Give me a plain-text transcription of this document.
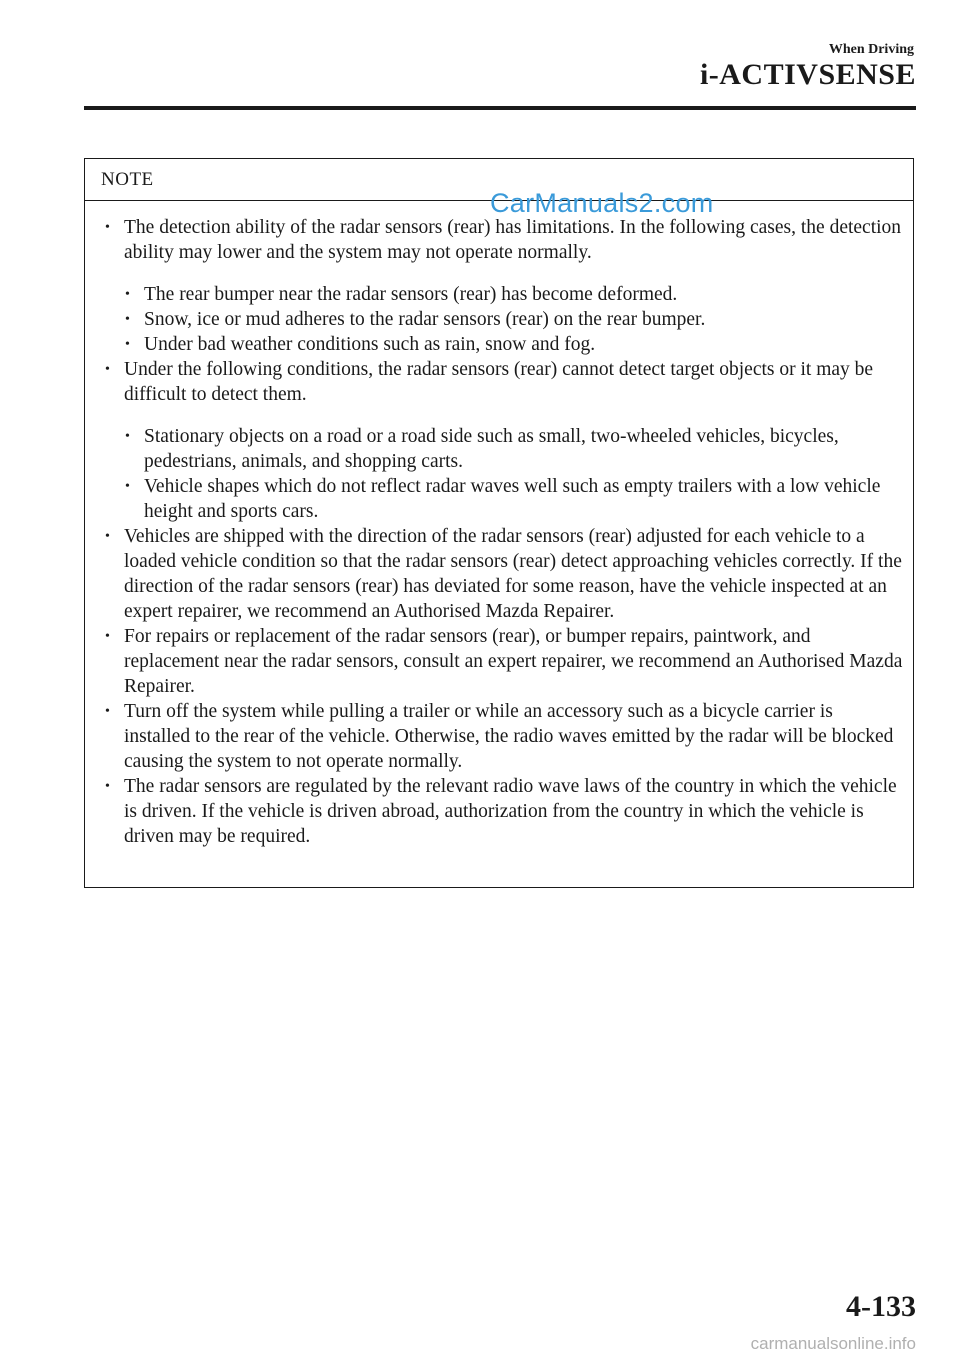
When Driving
i-ACTIVSENSE
NOTE

• The detection ability of the radar sensors (rear) has limitations. In the following cases, the detection ability may lower and the system may not operate normally.

• The rear bumper near the radar sensors (rear) has become deformed.

• Snow, ice or mud adheres to the radar sensors (rear) on the rear bumper.

• Under bad weather conditions such as rain, snow and fog.

• Under the following conditions, the radar sensors (rear) cannot detect target objects or it may be difficult to detect them.

• Stationary objects on a road or a road side such as small, two-wheeled vehicles, bicycles, pedestrians, animals, and shopping carts.

• Vehicle shapes which do not reflect radar waves well such as empty trailers with a low vehicle height and sports cars.

• Vehicles are shipped with the direction of the radar sensors (rear) adjusted for each vehicle to a loaded vehicle condition so that the radar sensors (rear) detect approaching vehicles correctly. If the direction of the radar sensors (rear) has deviated for some reason, have the vehicle inspected at an expert repairer, we recommend an Authorised Mazda Repairer.

• For repairs or replacement of the radar sensors (rear), or bumper repairs, paintwork, and replacement near the radar sensors, consult an expert repairer, we recommend an Authorised Mazda Repairer.

• Turn off the system while pulling a trailer or while an accessory such as a bicycle carrier is installed to the rear of the vehicle. Otherwise, the radio waves emitted by the radar will be blocked causing the system to not operate normally.

• The radar sensors are regulated by the relevant radio wave laws of the country in which the vehicle is driven. If the vehicle is driven abroad, authorization from the country in which the vehicle is driven may be required.

CarManuals2.com
4-133
carmanualsonline.info
